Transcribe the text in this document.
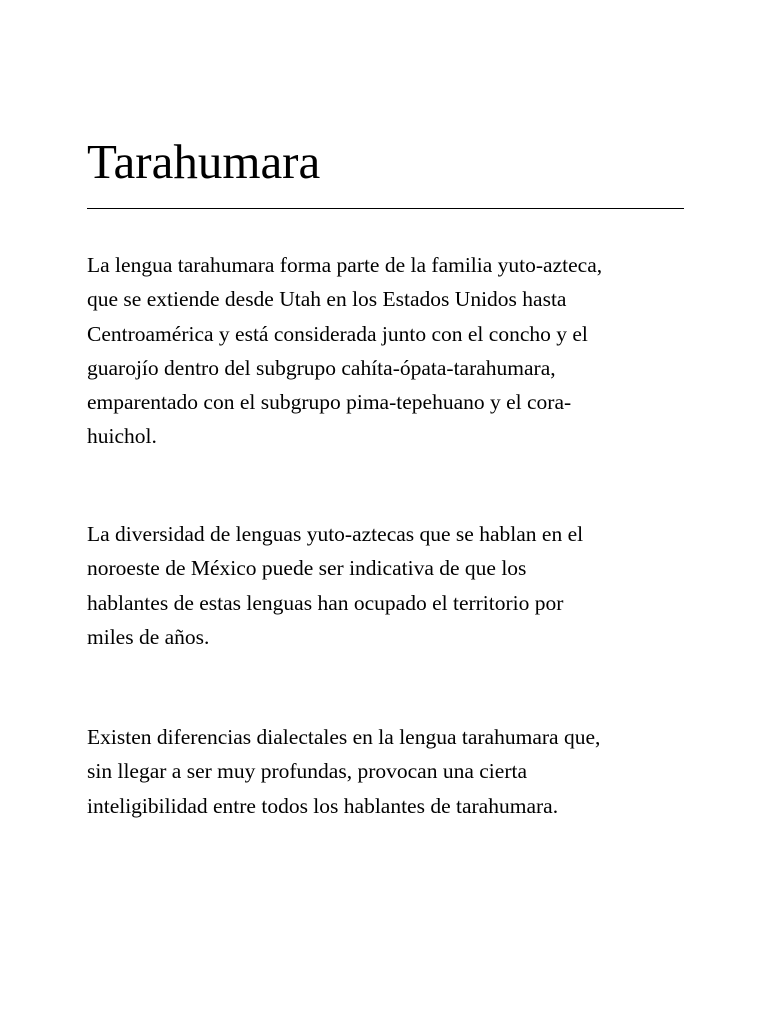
Tarahumara

La lengua tarahumara forma parte de la familia yuto-azteca,
que se extiende desde Utah en los Estados Unidos hasta
Centroamérica y está considerada junto con el concho y el
guarojío dentro del subgrupo cahíta-ópata-tarahumara,
emparentado con el subgrupo pima-tepehuano y el cora-
huichol.

La diversidad de lenguas yuto-aztecas que se hablan en el
noroeste de México puede ser indicativa de que los
hablantes de estas lenguas han ocupado el territorio por
miles de años.

Existen diferencias dialectales en la lengua tarahumara que,
sin llegar a ser muy profundas, provocan una cierta
inteligibilidad entre todos los hablantes de tarahumara.
